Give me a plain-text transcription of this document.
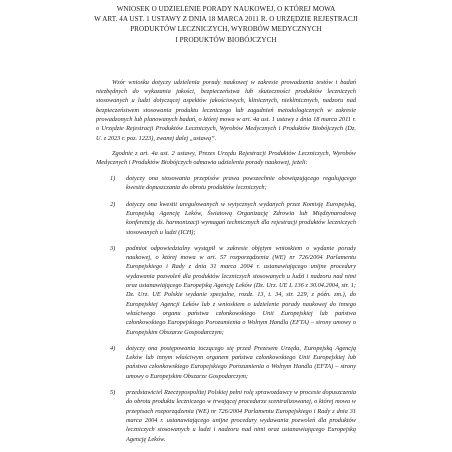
WNIOSEK O UDZIELENIE PORADY NAUKOWEJ, O KTÓREJ MOWA
W ART. 4A UST. 1 USTAWY Z DNIA 18 MARCA 2011 R. O URZĘDZIE REJESTRACJI
PRODUKTÓW LECZNICZYCH, WYROBÓW MEDYCZNYCH
I PRODUKTÓW BIOBÓJCZYCH

Wzór wniosku dotyczy udzielenia porady naukowej w zakresie prowadzenia testów i badań niezbędnych do wykazania jakości, bezpieczeństwa lub skuteczności produktów leczniczych stosowanych u ludzi dotyczącej aspektów jakościowych, klinicznych, nieklinicznych, nadzoru nad bezpieczeństwem stosowania produktu leczniczego lub zagadnień metodologicznych w zakresie prowadzonych lub planowanych badań, o której mowa w art. 4a ust. 1 ustawy z dnia 18 marca 2011 r. o Urzędzie Rejestracji Produktów Leczniczych, Wyrobów Medycznych i Produktów Biobójczych (Dz. U. z 2023 r. poz. 1223), zwanej dalej „ustawą”.

Zgodnie z art. 4a ust. 2 ustawy, Prezes Urzędu Rejestracji Produktów Leczniczych, Wyrobów Medycznych i Produktów Biobójczych odmawia udzielenia porady naukowej, jeżeli:

1) dotyczy ona stosowania przepisów prawa powszechnie obowiązującego regulującego kwestie dopuszczania do obrotu produktów leczniczych;
2) dotyczy ona kwestii uregulowanych w wytycznych wydanych przez Komisję Europejską, Europejską Agencję Leków, Światową Organizację Zdrowia lub Międzynarodową konferencję ds. harmonizacji wymagań technicznych dla rejestracji produktów leczniczych stosowanych u ludzi (ICH);
3) podmiot odpowiedzialny wystąpił w zakresie objętym wnioskiem o wydanie porady naukowej, o której mowa w art. 57 rozporządzenia (WE) nr 726/2004 Parlamentu Europejskiego i Rady z dnia 31 marca 2004 r. ustanawiającego unijne procedury wydawania pozwoleń dla produktów leczniczych stosowanych u ludzi i nadzoru nad nimi oraz ustanawiającego Europejską Agencję Leków (Dz. Urz. UE L 136 z 30.04.2004, str. 1; Dz. Urz. UE Polskie wydanie specjalne, rozdz. 13, t. 34, str. 229, z późn. zm.), do Europejskiej Agencji Leków lub z wnioskiem o udzielenie porady naukowej do innego właściwego organu państwa członkowskiego Unii Europejskiej lub państwa członkowskiego Europejskiego Porozumienia o Wolnym Handlu (EFTA) – strony umowy o Europejskim Obszarze Gospodarczym;
4) dotyczy ona postępowania toczącego się przed Prezesem Urzędu, Europejską Agencją Leków lub innym właściwym organem państwa członkowskiego Unii Europejskiej lub państwa członkowskiego Europejskiego Porozumienia o Wolnym Handlu (EFTA) – strony umowy o Europejskim Obszarze Gospodarczym;
5) przedstawiciel Rzeczypospolitej Polskiej pełni rolę sprawozdawcy w procesie dopuszczenia do obrotu produktu leczniczego w trwającej procedurze scentralizowanej, o której mowa w przepisach rozporządzenia (WE) nr 726/2004 Parlamentu Europejskiego i Rady z dnia 31 marca 2004 r. ustanawiającego unijne procedury wydawania pozwoleń dla produktów leczniczych stosowanych u ludzi i nadzoru nad nimi oraz ustanawiającego Europejską Agencję Leków.
